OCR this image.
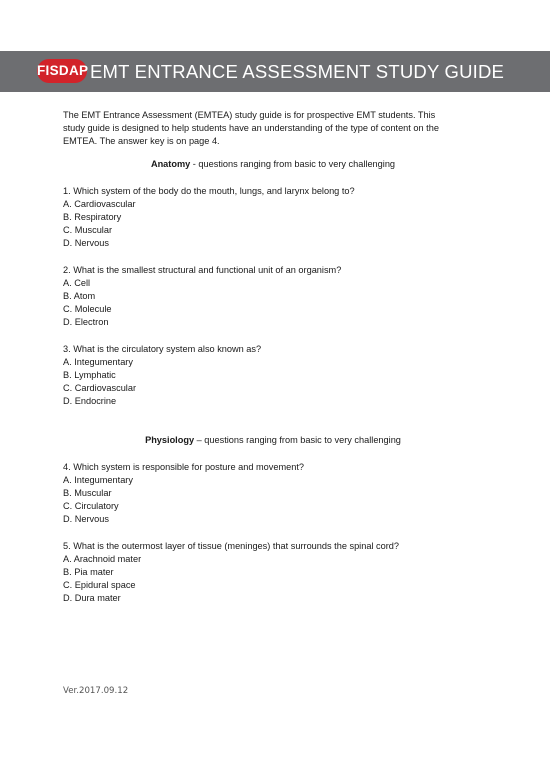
FISDAP EMT ENTRANCE ASSESSMENT STUDY GUIDE
The EMT Entrance Assessment (EMTEA) study guide is for prospective EMT students. This
study guide is designed to help students have an understanding of the type of content on the
EMTEA. The answer key is on page 4.
Anatomy - questions ranging from basic to very challenging
1. Which system of the body do the mouth, lungs, and larynx belong to?
A. Cardiovascular
B. Respiratory
C. Muscular
D. Nervous
2. What is the smallest structural and functional unit of an organism?
A. Cell
B. Atom
C. Molecule
D. Electron
3. What is the circulatory system also known as?
A. Integumentary
B. Lymphatic
C. Cardiovascular
D. Endocrine
Physiology – questions ranging from basic to very challenging
4. Which system is responsible for posture and movement?
A. Integumentary
B. Muscular
C. Circulatory
D. Nervous
5. What is the outermost layer of tissue (meninges) that surrounds the spinal cord?
A. Arachnoid mater
B. Pia mater
C. Epidural space
D. Dura mater
Ver.2017.09.12
